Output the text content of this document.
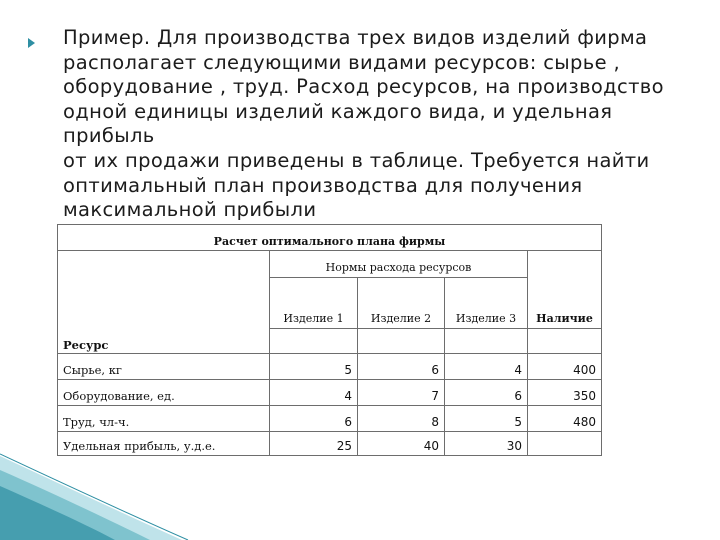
Пример. Для производства трех видов изделий фирма
располагает следующими видами ресурсов: сырье ,
оборудование , труд. Расход ресурсов, на производство
одной единицы изделий каждого вида, и удельная прибыль
от их продажи приведены в таблице. Требуется найти
оптимальный план производства для получения
максимальной прибыли

Расчет оптимального плана фирмы				
	Нормы расхода ресурсов			
	Изделие 1	Изделие 2	Изделие 3	Наличие
Ресурс				
Сырье, кг	5	6	4	400
Оборудование, ед.	4	7	6	350
Труд, чл-ч.	6	8	5	480
Удельная прибыль, у.д.е.	25	40	30	
